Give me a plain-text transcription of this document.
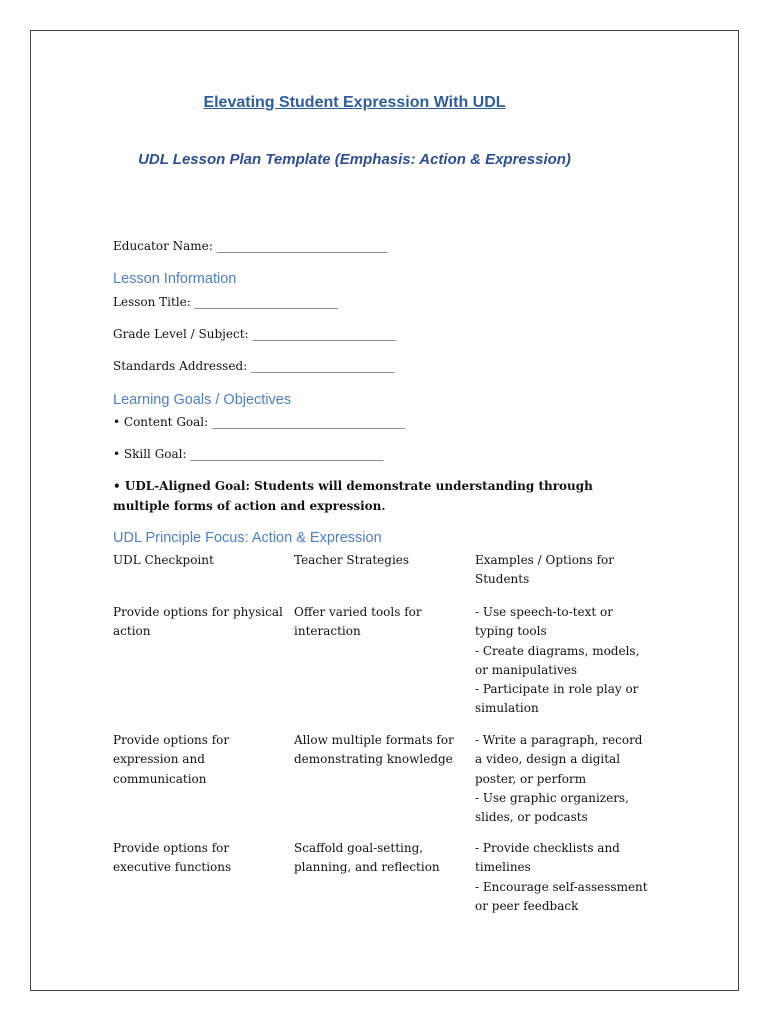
Elevating Student Expression With UDL
UDL Lesson Plan Template (Emphasis: Action & Expression)
Educator Name: _______________________________
Lesson Information
Lesson Title: __________________________
Grade Level / Subject: __________________________
Standards Addressed: __________________________
Learning Goals / Objectives
• Content Goal: ___________________________________
• Skill Goal: ___________________________________
• UDL-Aligned Goal: Students will demonstrate understanding through multiple forms of action and expression.
UDL Principle Focus: Action & Expression
UDL Checkpoint	Teacher Strategies	Examples / Options for Students
Provide options for physical
action
Offer varied tools for
interaction
- Use speech-to-text or
typing tools
- Create diagrams, models,
or manipulatives
- Participate in role play or
simulation
Provide options for
expression and
communication
Allow multiple formats for
demonstrating knowledge
- Write a paragraph, record
a video, design a digital
poster, or perform
- Use graphic organizers,
slides, or podcasts
Provide options for
executive functions
Scaffold goal-setting,
planning, and reflection
- Provide checklists and
timelines
- Encourage self-assessment
or peer feedback
